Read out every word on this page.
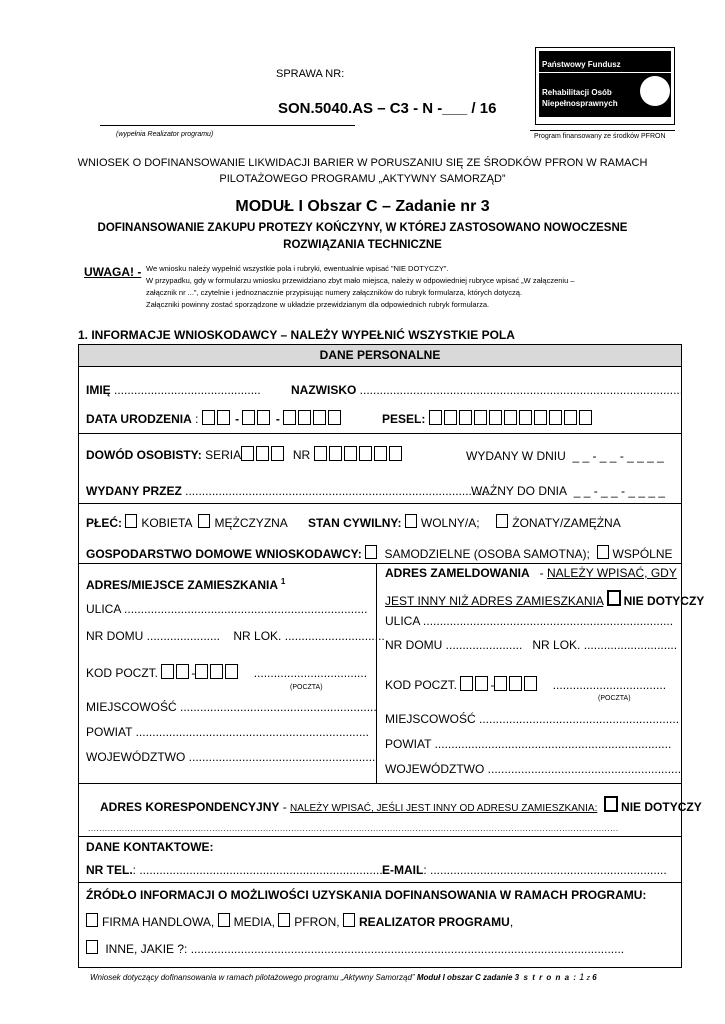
SPRAWA NR:
SON.5040.AS – C3 - N -___ / 16
(wypełnia Realizator programu)
Państwowy Fundusz
Rehabilitacji Osób
Niepełnosprawnych
Program finansowany ze środków PFRON
WNIOSEK O DOFINANSOWANIE LIKWIDACJI BARIER W PORUSZANIU SIĘ ZE ŚRODKÓW PFRON W RAMACH
PILOTAŻOWEGO PROGRAMU „AKTYWNY SAMORZĄD”
MODUŁ I Obszar C – Zadanie nr 3
DOFINANSOWANIE ZAKUPU PROTEZY KOŃCZYNY, W KTÓREJ ZASTOSOWANO NOWOCZESNE
ROZWIĄZANIA TECHNICZNE
UWAGA! - We wniosku należy wypełnić wszystkie pola i rubryki, ewentualnie wpisać ”NIE DOTYCZY”.
W przypadku, gdy w formularzu wniosku przewidziano zbyt mało miejsca, należy w odpowiedniej rubryce wpisać „W załączeniu –
załącznik nr ...”, czytelnie i jednoznacznie przypisując numery załączników do rubryk formularza, których dotyczą.
Załączniki powinny zostać sporządzone w układzie przewidzianym dla odpowiednich rubryk formularza.
1. INFORMACJE WNIOSKODAWCY – NALEŻY WYPEŁNIĆ WSZYSTKIE POLA
DANE PERSONALNE
IMIĘ ............................................	NAZWISKO .................................................................................................
DATA URODZENIA :	-	-	PESEL:
DOWÓD OSOBISTY: SERIA	NR	WYDANY W DNIU _ _ - _ _ - _ _ _ _
WYDANY PRZEZ ...........................................................................................
WAŻNY DO DNIA _ _ - _ _ - _ _ _ _
PŁEĆ: KOBIETA MĘŻCZYZNA STAN CYWILNY: WOLNY/A;	ŻONATY/ZAMĘŻNA
GOSPODARSTWO DOMOWE WNIOSKODAWCY: SAMODZIELNE (OSOBA SAMOTNA); WSPÓLNE
ADRES/MIEJSCE ZAMIESZKANIA $^1$
ULICA .........................................................................
NR DOMU ...................... NR LOK. ..............................
KOD POCZT.	-	..................................
(POCZTA)
MIEJSCOWOŚĆ ...........................................................
POWIAT ......................................................................
WOJEWÓDZTWO ........................................................
ADRES ZAMELDOWANIA   - NALEŻY WPISAĆ, GDY
JEST INNY NIŻ ADRES ZAMIESZKANIA NIE DOTYCZY
ULICA ...........................................................................
NR DOMU ....................... NR LOK. ............................
KOD POCZT.	-	..................................
(POCZTA)
MIEJSCOWOŚĆ ............................................................
POWIAT .......................................................................
WOJEWÓDZTWO ..........................................................
ADRES KORESPONDENCYJNY - NALEŻY WPISAĆ, JEŚLI JEST INNY OD ADRESU ZAMIESZKANIA: NIE DOTYCZY
............................................................................................................................................................................................
DANE KONTAKTOWE:
NR TEL.: ...........................................................................
E-MAIL: .......................................................................
ŹRÓDŁO INFORMACJI O MOŻLIWOŚCI UZYSKANIA DOFINANSOWANIA W RAMACH PROGRAMU:
FIRMA HANDLOWA, MEDIA, PFRON, REALIZATOR PROGRAMU,
INNE, JAKIE ?: ..................................................................................................................................
Wniosek dotyczący dofinansowania w ramach pilotażowego programu „Aktywny Samorząd” Moduł I obszar C zadanie 3 s t r o n a : 1 z 6
